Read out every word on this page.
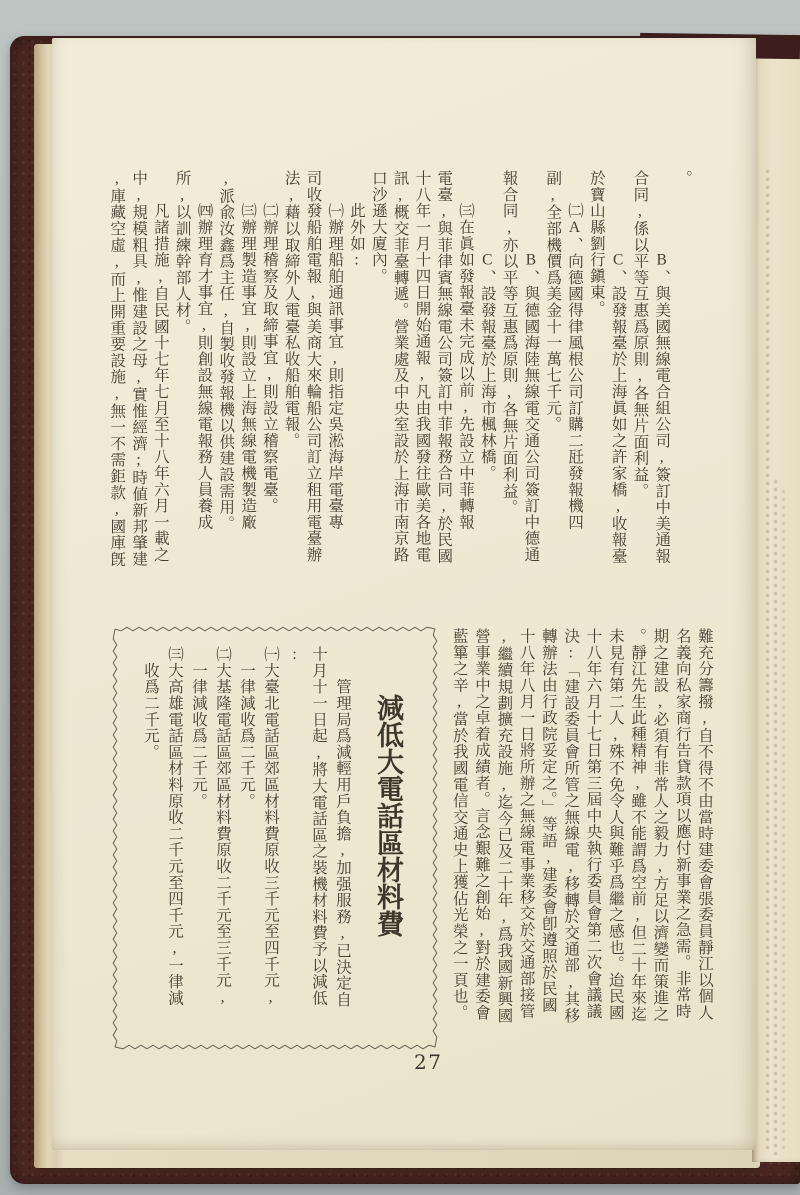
。
　　　　　B、與美國無線電合組公司,簽訂中美通報
合同,係以平等互惠爲原則,各無片面利益。
　　　　　C、設發報臺於上海眞如之許家橋,收報臺
於寶山縣劉行鎭東。
　　㈡A、向德國得律風根公司訂購二瓩發報機四
副,全部機價爲美金十一萬七千元。
　　　　　B、與德國海陸無線電交通公司簽訂中德通
報合同,亦以平等互惠爲原則,各無片面利益。
　　　　　C、設發報臺於上海市楓林橋。
　　㈢在眞如發報臺未完成以前,先設立中菲轉報
電臺,與菲律賓無線電公司簽訂中菲報務合同,於民國
十八年一月十四日開始通報,凡由我國發往歐美各地電
訊,概交菲臺轉遞。營業處及中央室設於上海市南京路
口沙遜大廈內。
　　此外如:
　　㈠辦理船舶通訊事宜,則指定吳淞海岸電臺專
司收發船舶電報,與美商大來輪船公司訂立租用電臺辦
法,藉以取締外人電臺私收船舶電報。
　　㈡辦理稽察及取締事宜,則設立稽察電臺。
　　㈢辦理製造事宜,則設立上海無線電機製造廠
,派兪汝鑫爲主任,自製收發報機以供建設需用。
　　㈣辦理育才事宜,則創設無線電報務人員養成
所,以訓練幹部人材。
　　凡諸措施,自民國十七年七月至十八年六月一載之
中,規模粗具,惟建設之母,實惟經濟;時値新邦肇建
,庫藏空虛,而上開重要設施,無一不需鉅款,國庫旣
難充分籌撥,自不得不由當時建委會張委員靜江以個人
名義向私家商行告貸款項以應付新事業之急需。非常時
期之建設,必須有非常人之毅力,方足以濟變而策進之
。靜江先生此種精神,雖不能謂爲空前,但二十年來迄
未見有第二人,殊不免令人與難乎爲繼之感也。迨民國
十八年六月十七日第三屆中央執行委員會第二次會議議
決:「建設委員會所管之無線電,移轉於交通部,其移
轉辦法由行政院妥定之。」等語,建委會卽遵照於民國
十八年八月一日將所辦之無線電事業移交於交通部接管
,繼續規劃擴充設施,迄今已及二十年,爲我國新興國
營事業中之卓着成績者。言念艱難之創始,對於建委會
藍篳之辛,當於我國電信交通史上獲佔光榮之一頁也。
減低大電話區材料費
　　管理局爲減輕用戶負擔,加强服務,已決定自
十月十一日起,將大電話區之裝機材料費予以減低
:
㈠大臺北電話區郊區材料費原收三千元至四千元,
　一律減收爲二千元。
㈡大基隆電話區郊區材料費原收二千元至三千元,
　一律減收爲二千元。
㈢大高雄電話區材料原收二千元至四千元,一律減
　收爲二千元。
27
